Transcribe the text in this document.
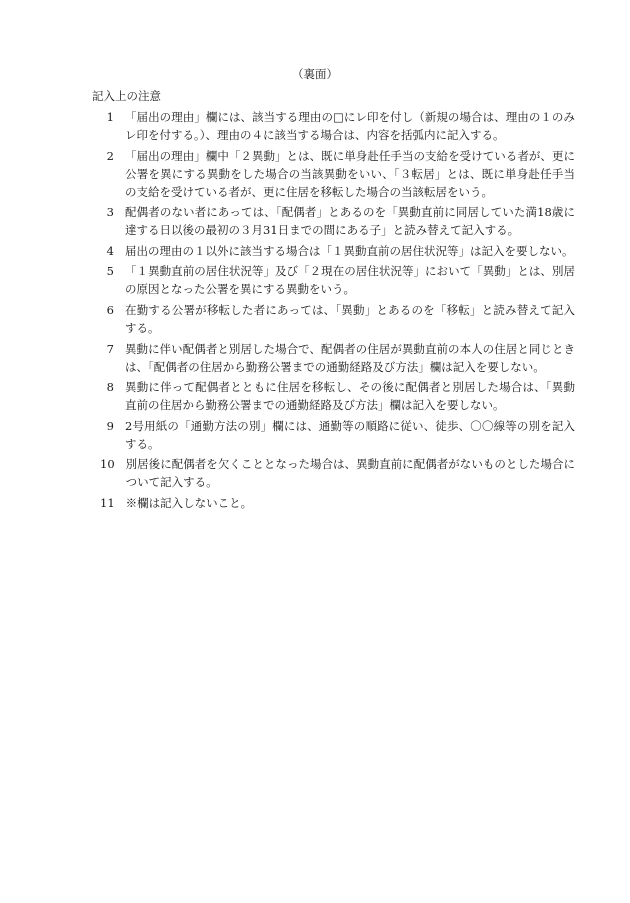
（裏面）
記入上の注意
1 「届出の理由」欄には、該当する理由の□にレ印を付し（新規の場合は、理由の１のみレ印を付する。）、理由の４に該当する場合は、内容を括弧内に記入する。
2 「届出の理由」欄中「２異動」とは、既に単身赴任手当の支給を受けている者が、更に公署を異にする異動をした場合の当該異動をいい、「３転居」とは、既に単身赴任手当の支給を受けている者が、更に住居を移転した場合の当該転居をいう。
3 配偶者のない者にあっては、「配偶者」とあるのを「異動直前に同居していた満18歳に達する日以後の最初の３月31日までの間にある子」と読み替えて記入する。
4 届出の理由の１以外に該当する場合は「１異動直前の居住状況等」は記入を要しない。
5 「１異動直前の居住状況等」及び「２現在の居住状況等」において「異動」とは、別居の原因となった公署を異にする異動をいう。
6 在勤する公署が移転した者にあっては、「異動」とあるのを「移転」と読み替えて記入する。
7 異動に伴い配偶者と別居した場合で、配偶者の住居が異動直前の本人の住居と同じときは、「配偶者の住居から勤務公署までの通勤経路及び方法」欄は記入を要しない。
8 異動に伴って配偶者とともに住居を移転し、その後に配偶者と別居した場合は、「異動直前の住居から勤務公署までの通勤経路及び方法」欄は記入を要しない。
9 2号用紙の「通勤方法の別」欄には、通勤等の順路に従い、徒歩、〇〇線等の別を記入する。
10 別居後に配偶者を欠くこととなった場合は、異動直前に配偶者がないものとした場合について記入する。
11 ※欄は記入しないこと。
